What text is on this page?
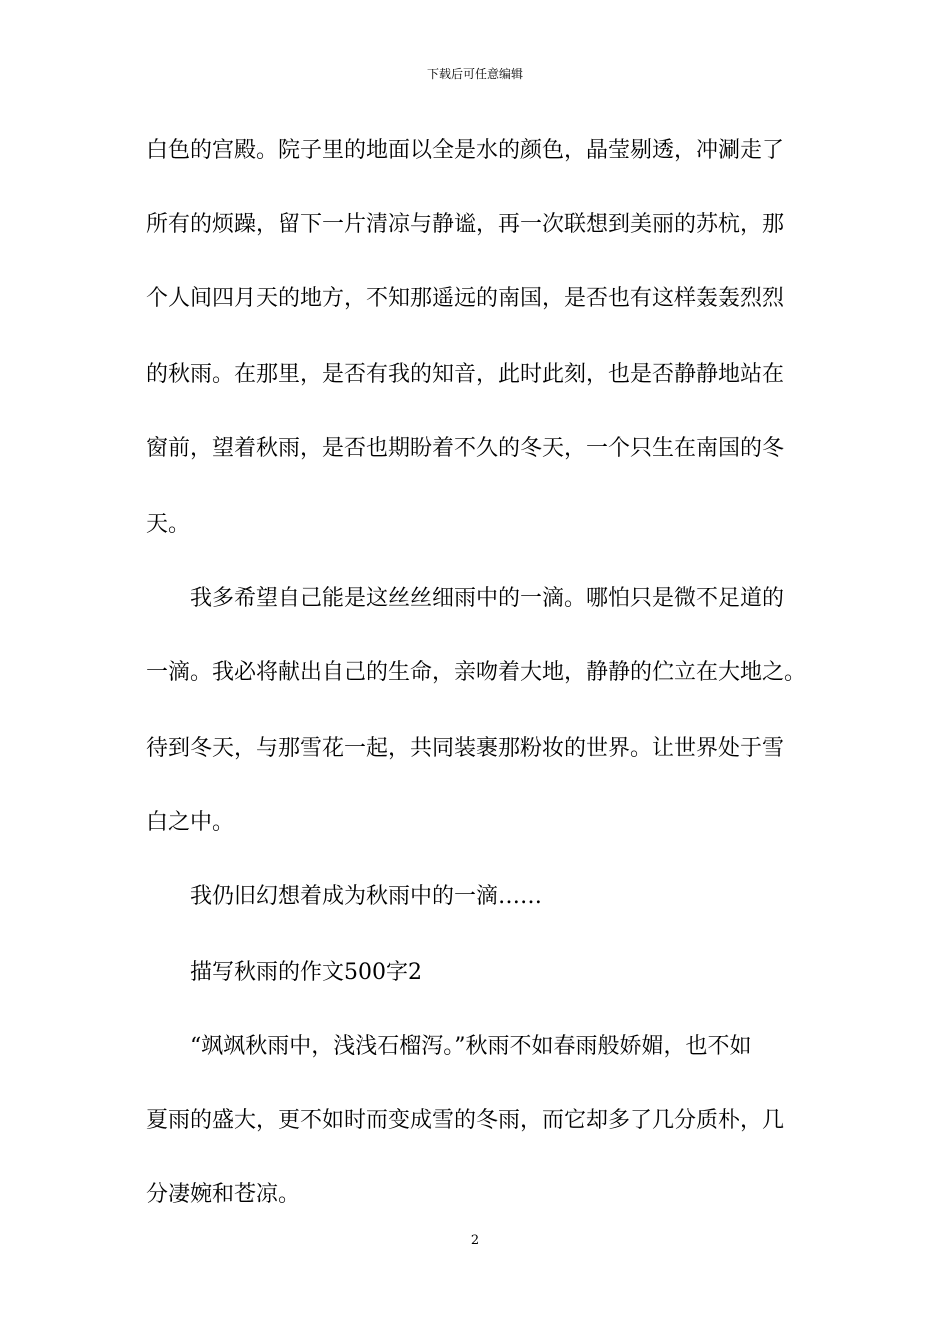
下载后可任意编辑
白色的宫殿。院子里的地面以全是水的颜色，晶莹剔透，冲涮走了
所有的烦躁，留下一片清凉与静谧，再一次联想到美丽的苏杭，那
个人间四月天的地方，不知那遥远的南国，是否也有这样轰轰烈烈
的秋雨。在那里，是否有我的知音，此时此刻，也是否静静地站在
窗前，望着秋雨，是否也期盼着不久的冬天，一个只生在南国的冬
天。
我多希望自己能是这丝丝细雨中的一滴。哪怕只是微不足道的
一滴。我必将献出自己的生命，亲吻着大地，静静的伫立在大地之。
待到冬天，与那雪花一起，共同装裹那粉妆的世界。让世界处于雪
白之中。
我仍旧幻想着成为秋雨中的一滴……
描写秋雨的作文500字2
“飒飒秋雨中，浅浅石榴泻。”秋雨不如春雨般娇媚，也不如
夏雨的盛大，更不如时而变成雪的冬雨，而它却多了几分质朴，几
分凄婉和苍凉。
2
